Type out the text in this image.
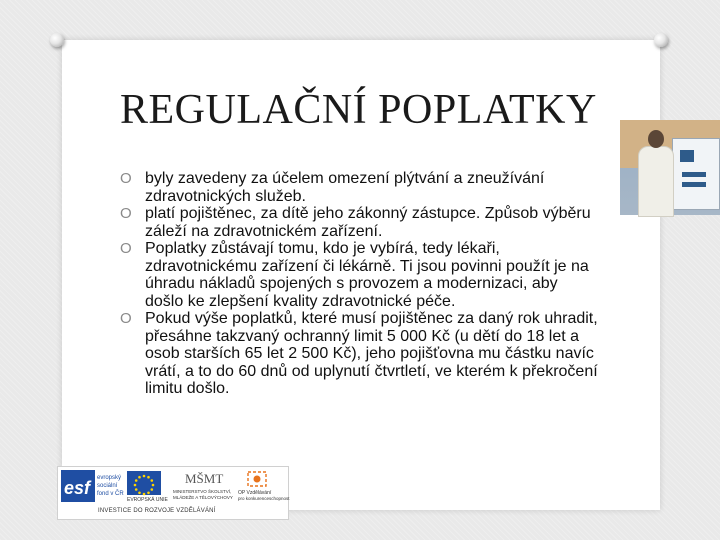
REGULAČNÍ POPLATKY
O byly zavedeny za účelem omezení plýtvání a zneužívání zdravotnických služeb.
O platí pojištěnec, za dítě jeho zákonný zástupce. Způsob výběru záleží na zdravotnickém zařízení.
O Poplatky zůstávají tomu, kdo je vybírá, tedy lékaři, zdravotnickému zařízení či lékárně. Ti jsou povinni použít je na úhradu nákladů spojených s provozem a modernizaci, aby došlo ke zlepšení kvality zdravotnické péče.
O Pokud výše poplatků, které musí pojištěnec za daný rok uhradit, přesáhne takzvaný ochranný limit 5 000 Kč (u dětí do 18 let a osob starších 65 let 2 500 Kč), jeho pojišťovna mu částku navíc vrátí, a to do 60 dnů od uplynutí čtvrtletí, ve kterém k překročení limitu došlo.
esf	evropský
sociální
fond v ČR
EVROPSKÁ UNIE
MŠMT
MINISTERSTVO ŠKOLSTVÍ,
MLÁDEŽE A TĚLOVÝCHOVY
OP Vzdělávání
pro konkurenceschopnost
INVESTICE DO ROZVOJE VZDĚLÁVÁNÍ
